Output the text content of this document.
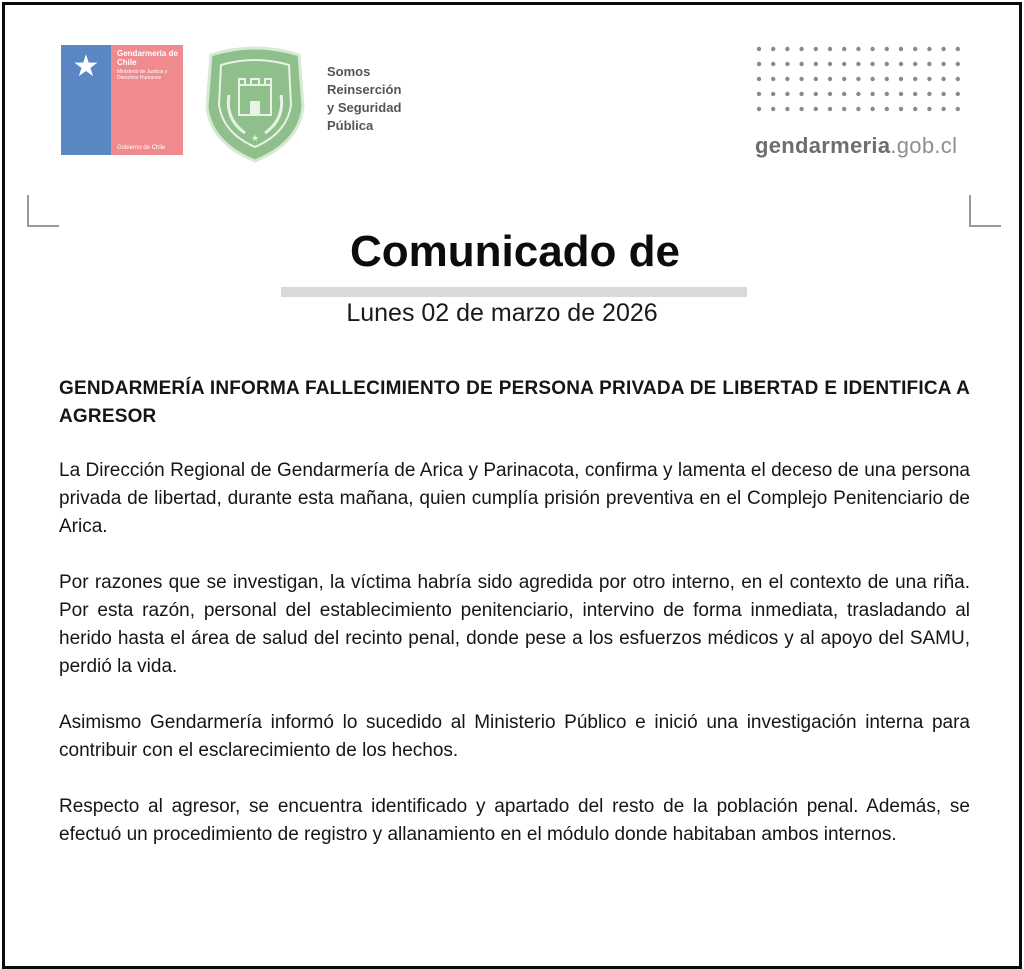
★	Gendarmería de Chile
Ministerio de Justicia y Derechos Humanos
Gobierno de Chile
★
Somos
Reinserción
y Seguridad
Pública
gendarmeria.gob.cl
Comunicado de
Lunes 02 de marzo de 2026
GENDARMERÍA INFORMA FALLECIMIENTO DE PERSONA PRIVADA DE LIBERTAD E IDENTIFICA A AGRESOR

La Dirección Regional de Gendarmería de Arica y Parinacota, confirma y lamenta el deceso de una persona privada de libertad, durante esta mañana, quien cumplía prisión preventiva en el Complejo Penitenciario de Arica.

Por razones que se investigan, la víctima habría sido agredida por otro interno, en el contexto de una riña. Por esta razón, personal del establecimiento penitenciario, intervino de forma inmediata, trasladando al herido hasta el área de salud del recinto penal, donde pese a los esfuerzos médicos y al apoyo del SAMU, perdió la vida.

Asimismo Gendarmería informó lo sucedido al Ministerio Público e inició una investigación interna para contribuir con el esclarecimiento de los hechos.

Respecto al agresor, se encuentra identificado y apartado del resto de la población penal. Además, se efectuó un procedimiento de registro y allanamiento en el módulo donde habitaban ambos internos.
